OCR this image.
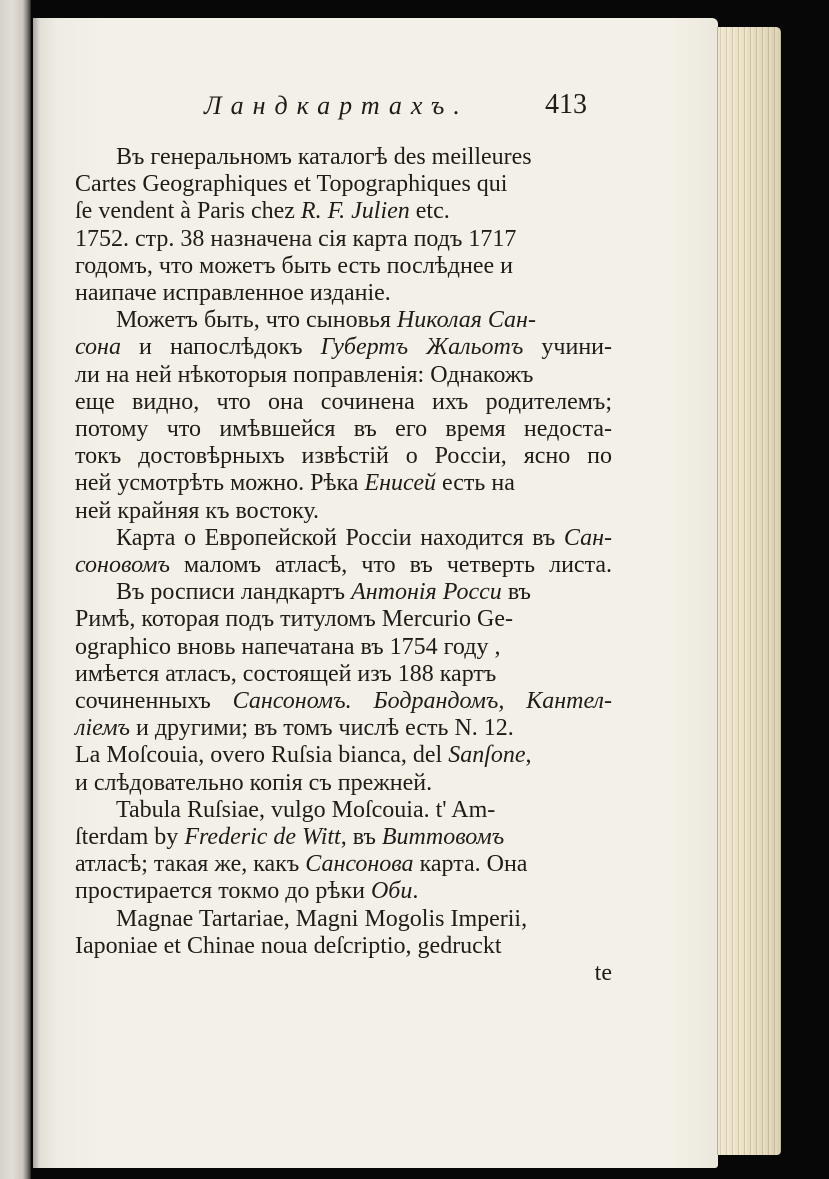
Ландкартахъ.	413
te
Въ генеральномъ каталогѣ des meilleures
Cartes Geographiques et Topographiques qui
ſe vendent à Paris chez R. F. Julien etc.
1752. стр. 38 назначена сія карта подъ 1717
годомъ, что можетъ быть есть послѣднее и
наипаче исправленное изданіе.
Можетъ быть, что сыновья Николая Сан-
сона и напослѣдокъ Губертъ Жальотъ учини-
ли на ней нѣкоторыя поправленія: Однакожъ
еще видно, что она сочинена ихъ родителемъ;
потому что имѣвшейся въ его время недоста-
токъ достовѣрныхъ извѣстій о Россіи, ясно по
ней усмотрѣть можно. Рѣка Енисей есть на
ней крайняя къ востоку.
Карта о Европейской Россіи находится въ Сан-
соновомъ маломъ атласѣ, что въ четверть листа.
Въ росписи ландкартъ Антонія Росси въ
Римѣ, которая подъ титуломъ Mercurio Ge-
ographico вновь напечатана въ 1754 году ,
имѣется атласъ, состоящей изъ 188 картъ
сочиненныхъ Сансономъ. Бодрандомъ, Кантел-
ліемъ и другими; въ томъ числѣ есть N. 12.
La Moſcouia, overo Ruſsia bianca, del Sanſone,
и слѣдовательно копія съ прежней.
Tabula Ruſsiae, vulgo Moſcouia. t' Am-
ſterdam by Frederic de Witt, въ Виттовомъ
атласѣ; такая же, какъ Сансонова карта. Она
простирается токмо до рѣки Оби.
Magnae Tartariae, Magni Mogolis Imperii,
Iaponiae et Chinae noua deſcriptio, gedruckt
